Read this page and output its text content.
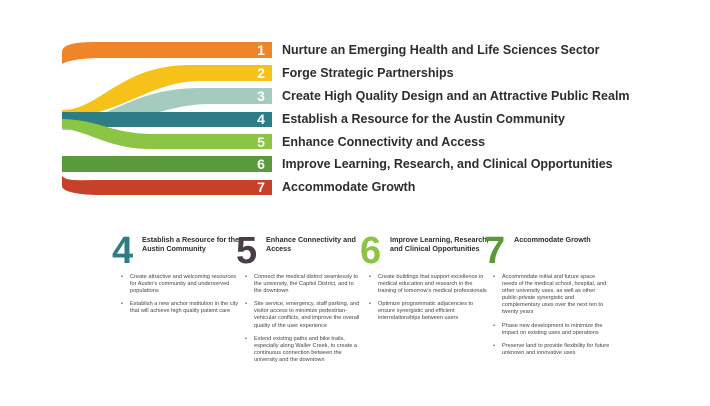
1	Nurture an Emerging Health and Life Sciences Sector
2	Forge Strategic Partnerships
3	Create High Quality Design and an Attractive Public Realm
4	Establish a Resource for the Austin Community
5	Enhance Connectivity and Access
6	Improve Learning, Research, and Clinical Opportunities
7	Accommodate Growth
4 Establish a Resource for the Austin Community
• Create attractive and welcoming resources for Austin's community and underserved populations
• Establish a new anchor institution in the city that will achieve high quality patient care
5 Enhance Connectivity and Access
• Connect the medical district seamlessly to the university, the Capitol District, and to the downtown
• Site service, emergency, staff parking, and visitor access to minimize pedestrian-vehicular conflicts, and improve the overall quality of the user experience
• Extend existing paths and bike trails, especially along Waller Creek, to create a continuous connection between the university and the downtown
6 Improve Learning, Research, and Clinical Opportunities
• Create buildings that support excellence in medical education and research in the training of tomorrow's medical professionals
• Optimize programmatic adjacencies to ensure synergistic and efficient interrelationships between users
7 Accommodate Growth
• Accommodate initial and future space needs of the medical school, hospital, and other university uses, as well as other public-private synergistic and complementary uses over the next ten to twenty years
• Phase new development to minimize the impact on existing uses and operations
• Preserve land to provide flexibility for future unknown and innovative uses
